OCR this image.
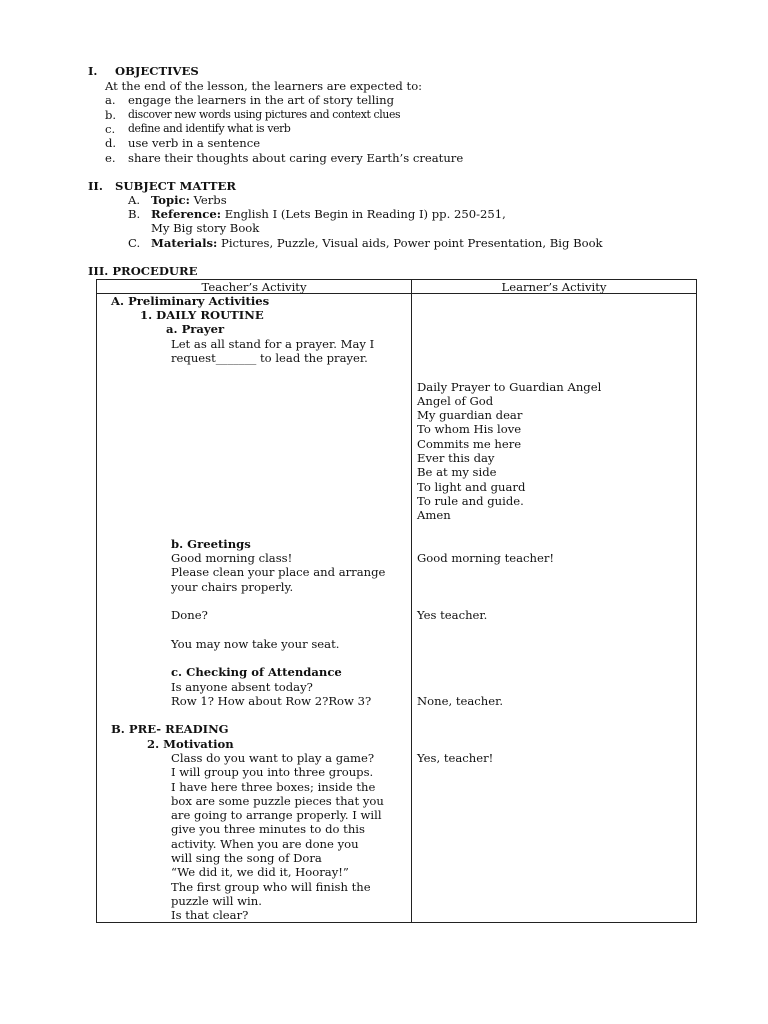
I. OBJECTIVES
At the end of the lesson, the learners are expected to:
a. engage the learners in the art of story telling
b. discover new words using pictures and context clues
c. define and identify what is verb
d. use verb in a sentence
e. share their thoughts about caring every Earth’s creature
II. SUBJECT MATTER
A. Topic: Verbs
B. Reference: English I (Lets Begin in Reading I) pp. 250-251,
My Big story Book
C. Materials: Pictures, Puzzle, Visual aids, Power point Presentation, Big Book
III. PROCEDURE
Teacher’s Activity	Learner’s Activity
A. Preliminary Activities
1. DAILY ROUTINE
a. Prayer
Let as all stand for a prayer. May I
request_______ to lead the prayer.
b. Greetings
Good morning class!
Please clean your place and arrange
your chairs properly.
Done?
You may now take your seat.
c. Checking of Attendance
Is anyone absent today?
Row 1? How about Row 2?Row 3?
B. PRE- READING
2. Motivation
Class do you want to play a game?
I will group you into three groups.
I have here three boxes; inside the
box are some puzzle pieces that you
are going to arrange properly. I will
give you three minutes to do this
activity. When you are done you
will sing the song of Dora
“We did it, we did it, Hooray!”
The first group who will finish the
puzzle will win.
Is that clear?
Daily Prayer to Guardian Angel
Angel of God
My guardian dear
To whom His love
Commits me here
Ever this day
Be at my side
To light and guard
To rule and guide.
Amen
Good morning teacher!
Yes teacher.
None, teacher.
Yes, teacher!
